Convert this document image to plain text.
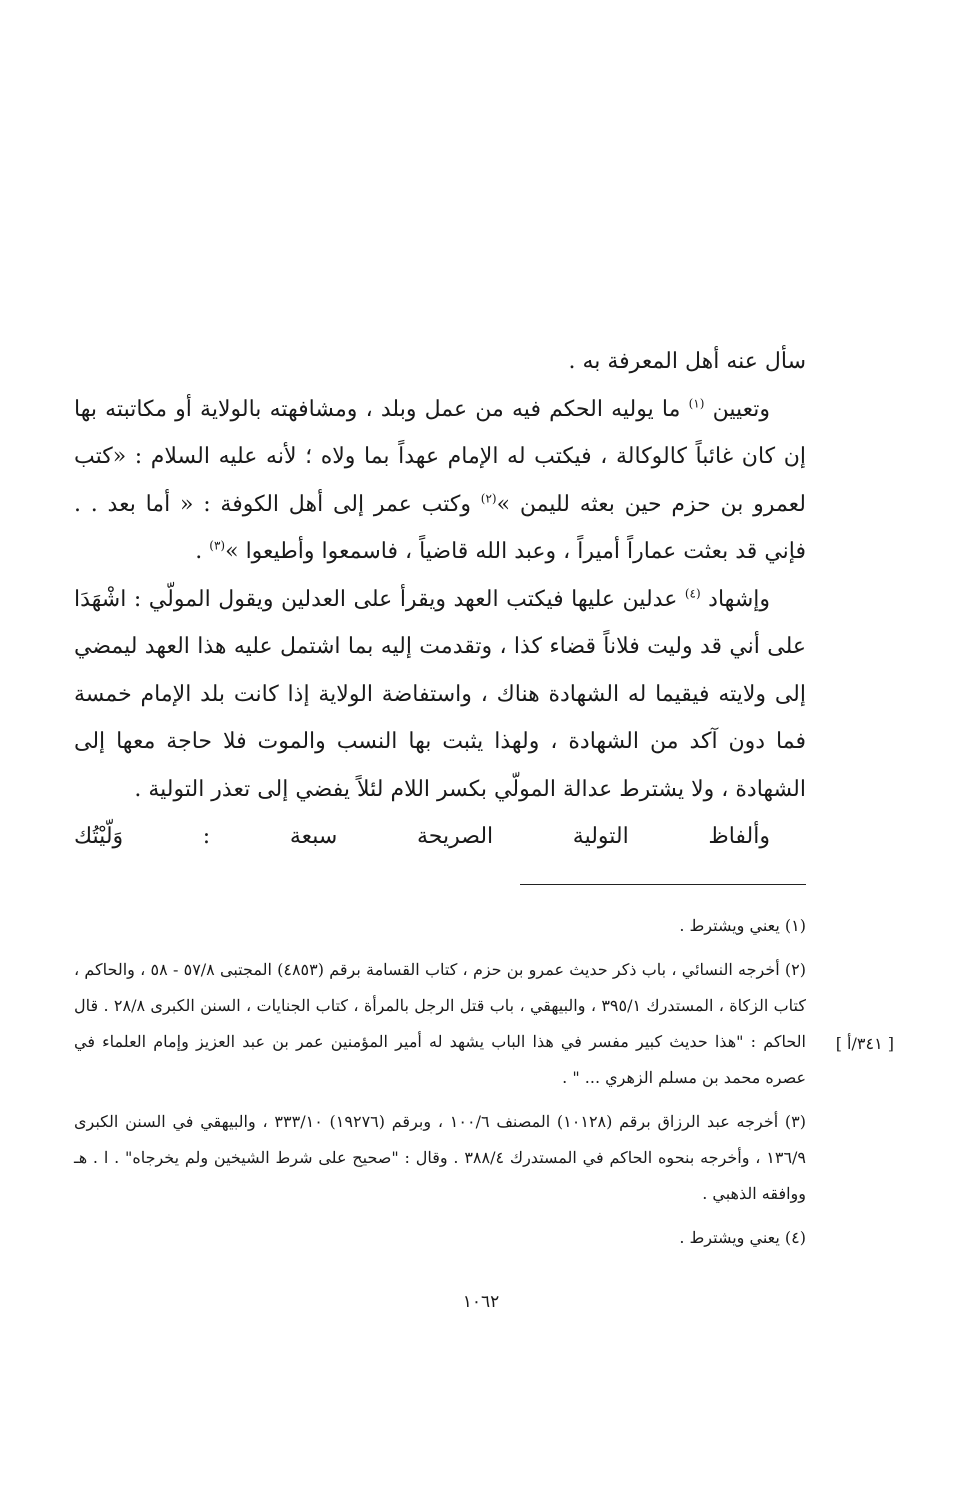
سأل عنه أهل المعرفة به .

وتعيين $^{(١)}$ ما يوليه الحكم فيه من عمل وبلد ، ومشافهته بالولاية أو مكاتبته بها إن كان غائباً كالوكالة ، فيكتب له الإمام عهداً بما ولاه ؛ لأنه عليه السلام : «كتب لعمرو بن حزم حين بعثه لليمن »$^{(٢)}$ وكتب عمر إلى أهل الكوفة : « أما بعد . . فإني قد بعثت عماراً أميراً ، وعبد الله قاضياً ، فاسمعوا وأطيعوا »$^{(٣)}$ .

وإشهاد $^{(٤)}$ عدلين عليها فيكتب العهد ويقرأ على العدلين ويقول المولّي : اشْهَدَا على أني قد وليت فلاناً قضاء كذا ، وتقدمت إليه بما اشتمل عليه هذا العهد ليمضي إلى ولايته فيقيما له الشهادة هناك ، واستفاضة الولاية إذا كانت بلد الإمام خمسة فما دون آكد من الشهادة ، ولهذا يثبت بها النسب والموت فلا حاجة معها إلى الشهادة ، ولا يشترط عدالة المولّي بكسر اللام لئلاً يفضي إلى تعذر التولية .

وألفاظ التولية الصريحة سبعة : وَلّيْتُك

(١) يعني ويشترط .

(٢) أخرجه النسائي ، باب ذكر حديث عمرو بن حزم ، كتاب القسامة برقم (٤٨٥٣) المجتبى ٥٧/٨ - ٥٨ ، والحاكم ، كتاب الزكاة ، المستدرك ٣٩٥/١ ، والبيهقي ، باب قتل الرجل بالمرأة ، كتاب الجنايات ، السنن الكبرى ٢٨/٨ . قال الحاكم : "هذا حديث كبير مفسر في هذا الباب يشهد له أمير المؤمنين عمر بن عبد العزيز وإمام العلماء في عصره محمد بن مسلم الزهري ... " .

(٣) أخرجه عبد الرزاق برقم (١٠١٢٨) المصنف ١٠٠/٦ ، وبرقم (١٩٢٧٦) ٣٣٣/١٠ ، والبيهقي في السنن الكبرى ١٣٦/٩ ، وأخرجه بنحوه الحاكم في المستدرك ٣٨٨/٤ . وقال : "صحيح على شرط الشيخين ولم يخرجاه" . ا . هـ ووافقه الذهبي .

(٤) يعني ويشترط .

[ ٣٤١/أ ]
١٠٦٢
